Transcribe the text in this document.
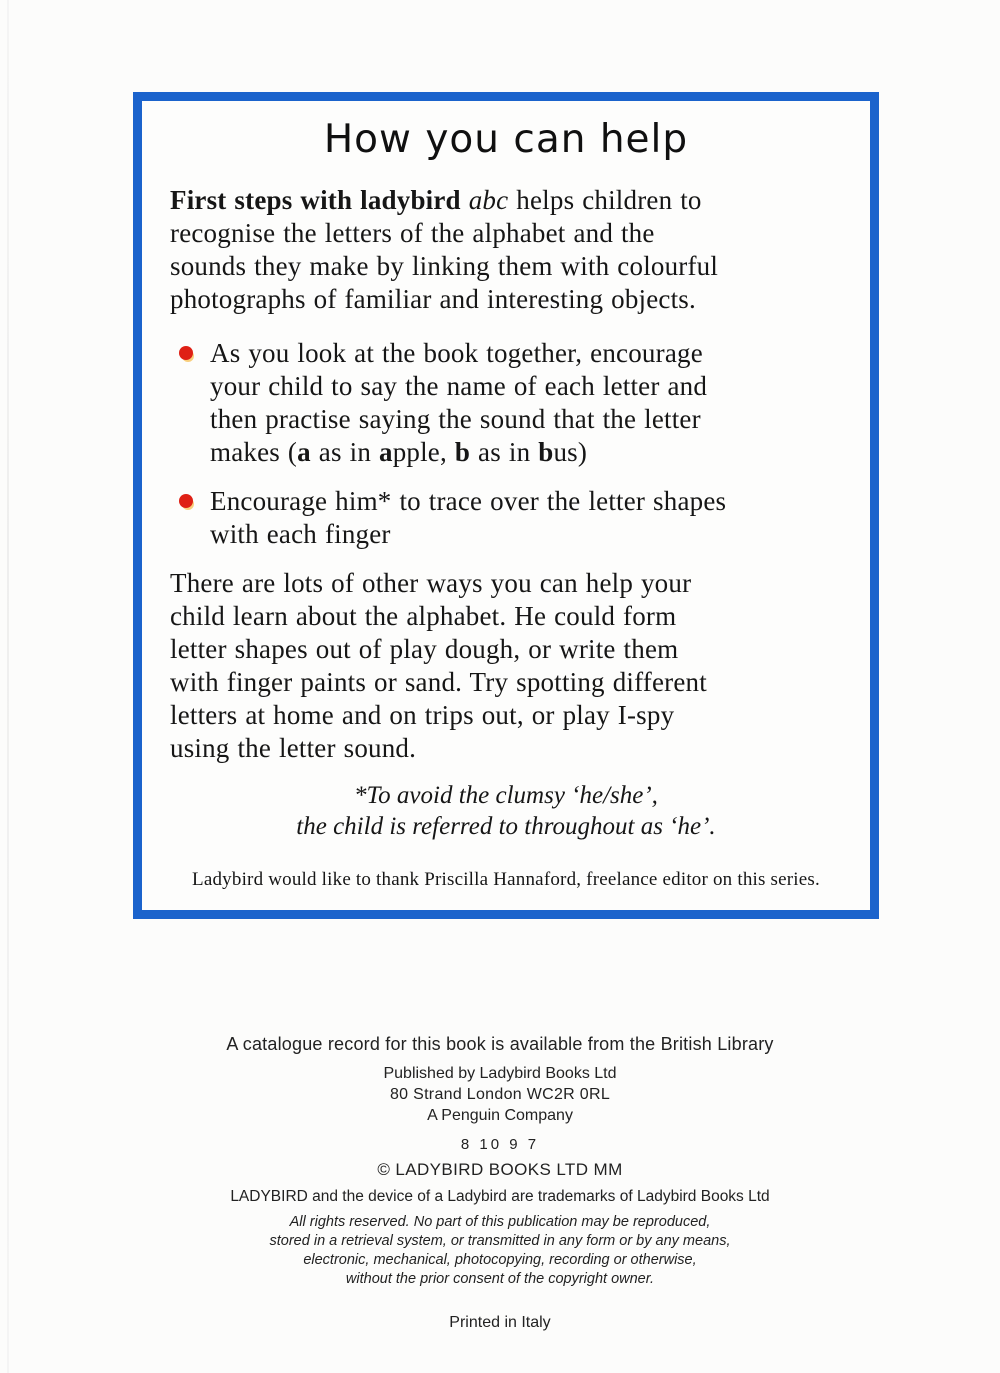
How you can help

First steps with ladybird abc helps children to
recognise the letters of the alphabet and the
sounds they make by linking them with colourful
photographs of familiar and interesting objects.

As you look at the book together, encourage
your child to say the name of each letter and
then practise saying the sound that the letter
makes (a as in apple, b as in bus)
Encourage him* to trace over the letter shapes
with each finger

There are lots of other ways you can help your
child learn about the alphabet. He could form
letter shapes out of play dough, or write them
with finger paints or sand. Try spotting different
letters at home and on trips out, or play I-spy
using the letter sound.

*To avoid the clumsy ‘he/she’,
the child is referred to throughout as ‘he’.

Ladybird would like to thank Priscilla Hannaford, freelance editor on this series.

A catalogue record for this book is available from the British Library

Published by Ladybird Books Ltd

80 Strand London WC2R 0RL

A Penguin Company

8 10 9 7

© LADYBIRD BOOKS LTD MM

LADYBIRD and the device of a Ladybird are trademarks of Ladybird Books Ltd

All rights reserved. No part of this publication may be reproduced,
stored in a retrieval system, or transmitted in any form or by any means,
electronic, mechanical, photocopying, recording or otherwise,
without the prior consent of the copyright owner.

Printed in Italy
